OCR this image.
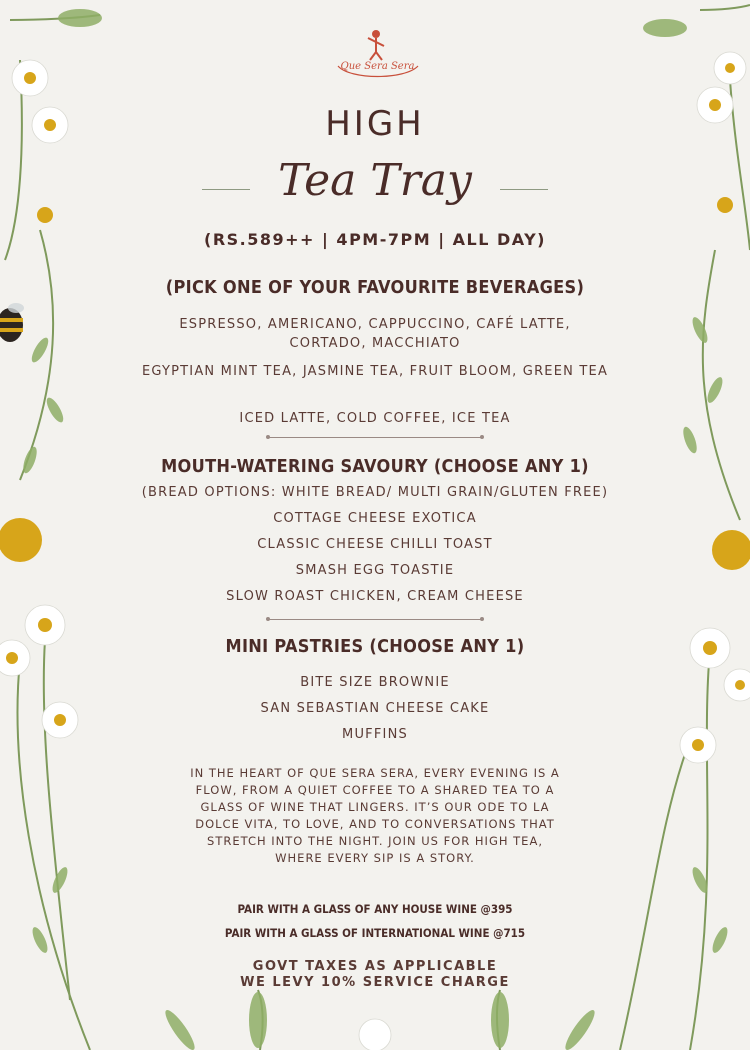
Que Sera Sera
HIGH
Tea Tray
(RS.589++ | 4PM-7PM | ALL DAY)
(PICK ONE OF YOUR FAVOURITE BEVERAGES)
ESPRESSO, AMERICANO, CAPPUCCINO, CAFÉ LATTE, CORTADO, MACCHIATO
EGYPTIAN MINT TEA, JASMINE TEA, FRUIT BLOOM, GREEN TEA
ICED LATTE, COLD COFFEE, ICE TEA
MOUTH-WATERING SAVOURY (CHOOSE ANY 1)
(BREAD OPTIONS: WHITE BREAD/ MULTI GRAIN/GLUTEN FREE)
COTTAGE CHEESE EXOTICA
CLASSIC CHEESE CHILLI TOAST
SMASH EGG TOASTIE
SLOW ROAST CHICKEN, CREAM CHEESE
MINI PASTRIES (CHOOSE ANY 1)
BITE SIZE BROWNIE
SAN SEBASTIAN CHEESE CAKE
MUFFINS
IN THE HEART OF QUE SERA SERA, EVERY EVENING IS A FLOW, FROM A QUIET COFFEE TO A SHARED TEA TO A GLASS OF WINE THAT LINGERS. IT’S OUR ODE TO LA DOLCE VITA, TO LOVE, AND TO CONVERSATIONS THAT STRETCH INTO THE NIGHT. JOIN US FOR HIGH TEA, WHERE EVERY SIP IS A STORY.
PAIR WITH A GLASS OF ANY HOUSE WINE @395
PAIR WITH A GLASS OF INTERNATIONAL WINE @715
GOVT TAXES AS APPLICABLE
WE LEVY 10% SERVICE CHARGE
